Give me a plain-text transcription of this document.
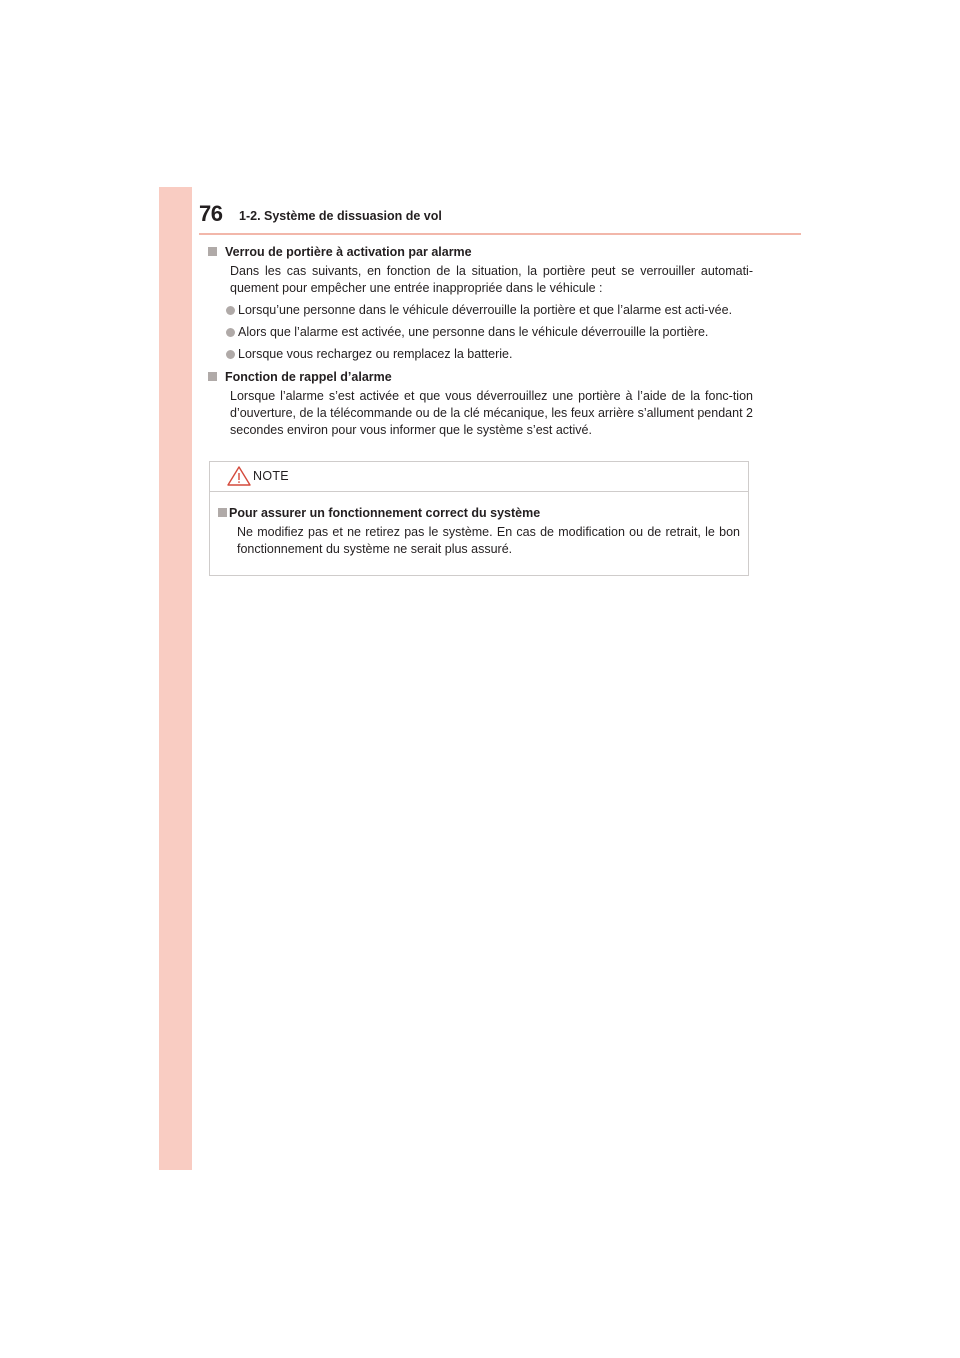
76 1-2. Système de dissuasion de vol
Verrou de portière à activation par alarme
Dans les cas suivants, en fonction de la situation, la portière peut se verrouiller automati-quement pour empêcher une entrée inappropriée dans le véhicule :
Lorsqu’une personne dans le véhicule déverrouille la portière et que l’alarme est acti-vée.
Alors que l’alarme est activée, une personne dans le véhicule déverrouille la portière.
Lorsque vous rechargez ou remplacez la batterie.
Fonction de rappel d’alarme
Lorsque l’alarme s’est activée et que vous déverrouillez une portière à l’aide de la fonc-tion d’ouverture, de la télécommande ou de la clé mécanique, les feux arrière s’allument pendant 2 secondes environ pour vous informer que le système s’est activé.
NOTE
Pour assurer un fonctionnement correct du système
Ne modifiez pas et ne retirez pas le système. En cas de modification ou de retrait, le bon fonctionnement du système ne serait plus assuré.
